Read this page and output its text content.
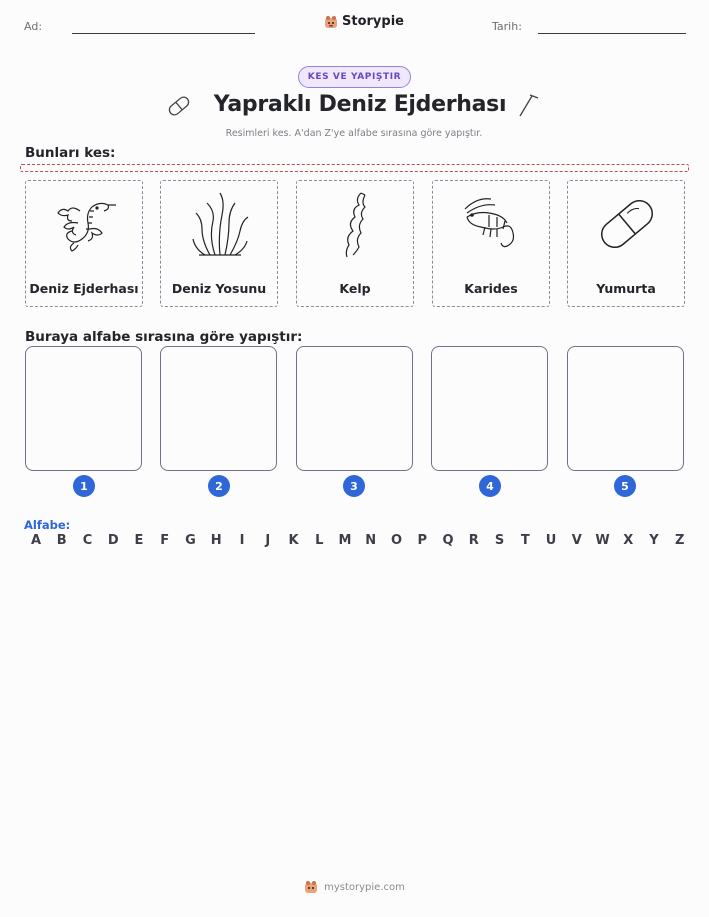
Ad:	Storypie	Tarih:
KES VE YAPIŞTIR
Yapraklı Deniz Ejderhası
Resimleri kes. A'dan Z'ye alfabe sırasına göre yapıştır.
Bunları kes:
Deniz Ejderhası	Deniz Yosunu	Kelp	Karides	Yumurta
Buraya alfabe sırasına göre yapıştır:
1	2	3	4	5
Alfabe:
A B C D E F G H	I	J	K L M N O P Q R S T U V W X Y Z
mystorypie.com
